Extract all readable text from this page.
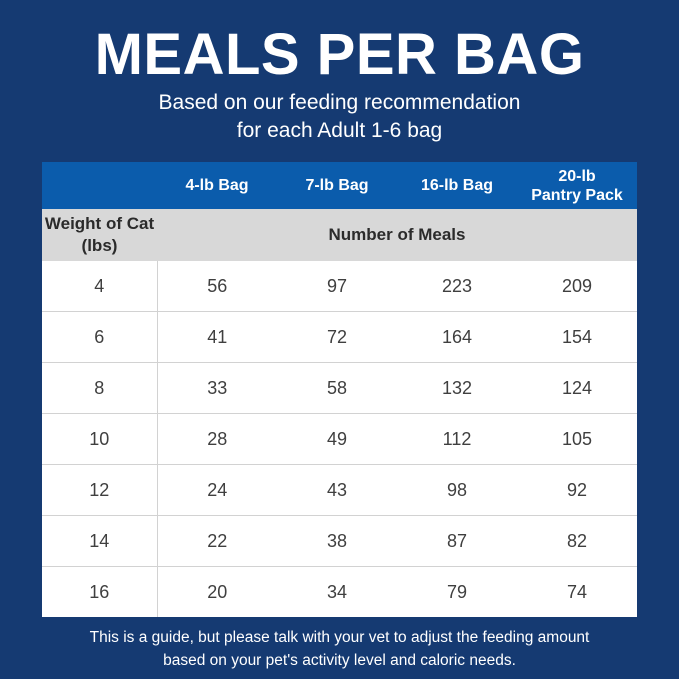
MEALS PER BAG
Based on our feeding recommendation
for each Adult 1-6 bag

	4-lb Bag	7-lb Bag	16-lb Bag	20-lb
Pantry Pack

Weight of Cat
(lbs)	Number of Meals			
4	56	97	223	209
6	41	72	164	154
8	33	58	132	124
10	28	49	112	105
12	24	43	98	92
14	22	38	87	82
16	20	34	79	74
This is a guide, but please talk with your vet to adjust the feeding amount
based on your pet's activity level and caloric needs.
